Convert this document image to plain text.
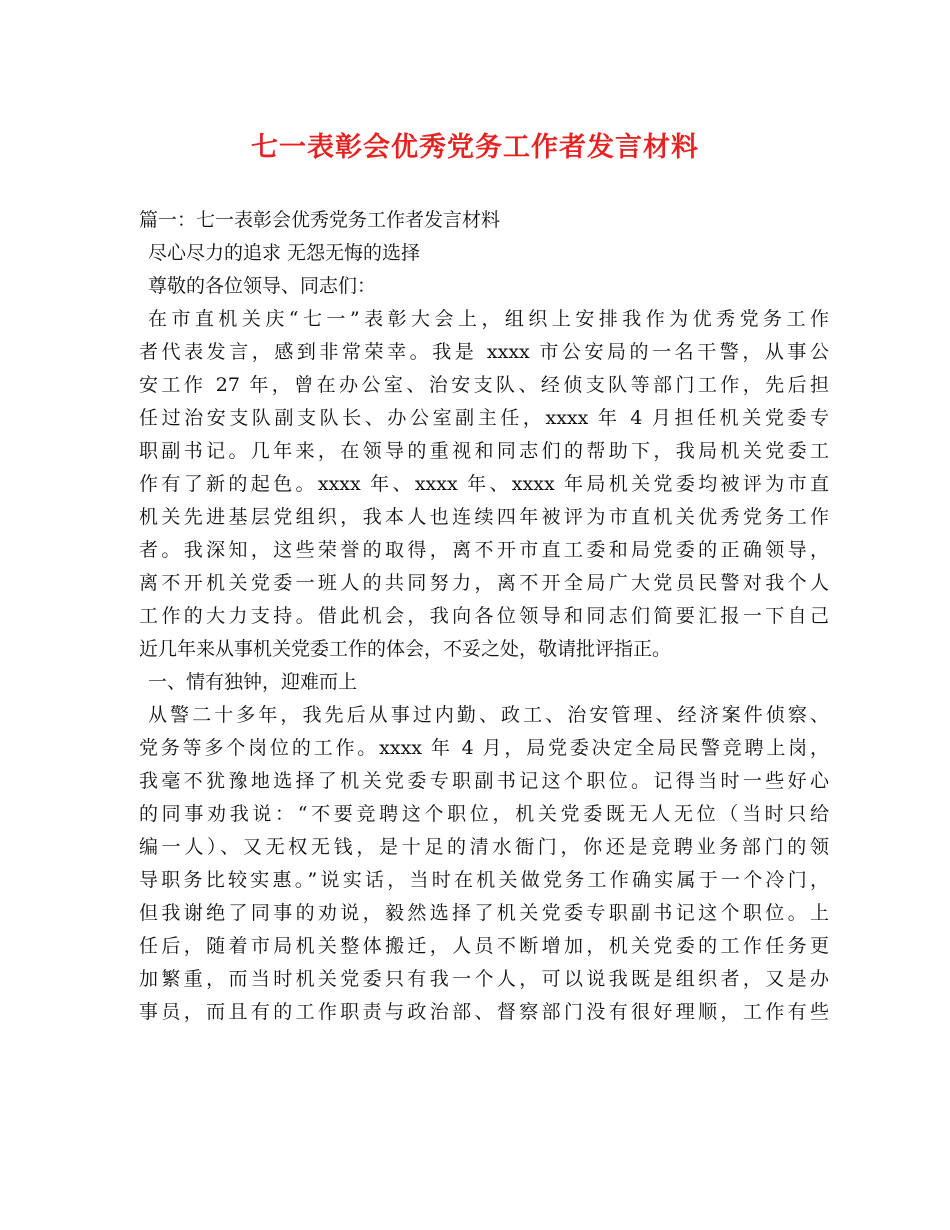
七一表彰会优秀党务工作者发言材料
篇一：七一表彰会优秀党务工作者发言材料
尽心尽力的追求 无怨无悔的选择
尊敬的各位领导、同志们：
在市直机关庆“七一”表彰大会上，组织上安排我作为优秀党务工作
者代表发言，感到非常荣幸。我是 xxxx 市公安局的一名干警，从事公
安工作 27 年，曾在办公室、治安支队、经侦支队等部门工作，先后担
任过治安支队副支队长、办公室副主任，xxxx 年 4 月担任机关党委专
职副书记。几年来，在领导的重视和同志们的帮助下，我局机关党委工
作有了新的起色。xxxx 年、xxxx 年、xxxx 年局机关党委均被评为市直
机关先进基层党组织，我本人也连续四年被评为市直机关优秀党务工作
者。我深知，这些荣誉的取得，离不开市直工委和局党委的正确领导，
离不开机关党委一班人的共同努力，离不开全局广大党员民警对我个人
工作的大力支持。借此机会，我向各位领导和同志们简要汇报一下自己
近几年来从事机关党委工作的体会，不妥之处，敬请批评指正。
一、情有独钟，迎难而上
从警二十多年，我先后从事过内勤、政工、治安管理、经济案件侦察、
党务等多个岗位的工作。xxxx 年 4 月，局党委决定全局民警竞聘上岗，
我毫不犹豫地选择了机关党委专职副书记这个职位。记得当时一些好心
的同事劝我说：“不要竞聘这个职位，机关党委既无人无位（当时只给
编一人）、又无权无钱，是十足的清水衙门，你还是竞聘业务部门的领
导职务比较实惠。”说实话，当时在机关做党务工作确实属于一个冷门，
但我谢绝了同事的劝说，毅然选择了机关党委专职副书记这个职位。上
任后，随着市局机关整体搬迁，人员不断增加，机关党委的工作任务更
加繁重，而当时机关党委只有我一个人，可以说我既是组织者，又是办
事员，而且有的工作职责与政治部、督察部门没有很好理顺，工作有些
